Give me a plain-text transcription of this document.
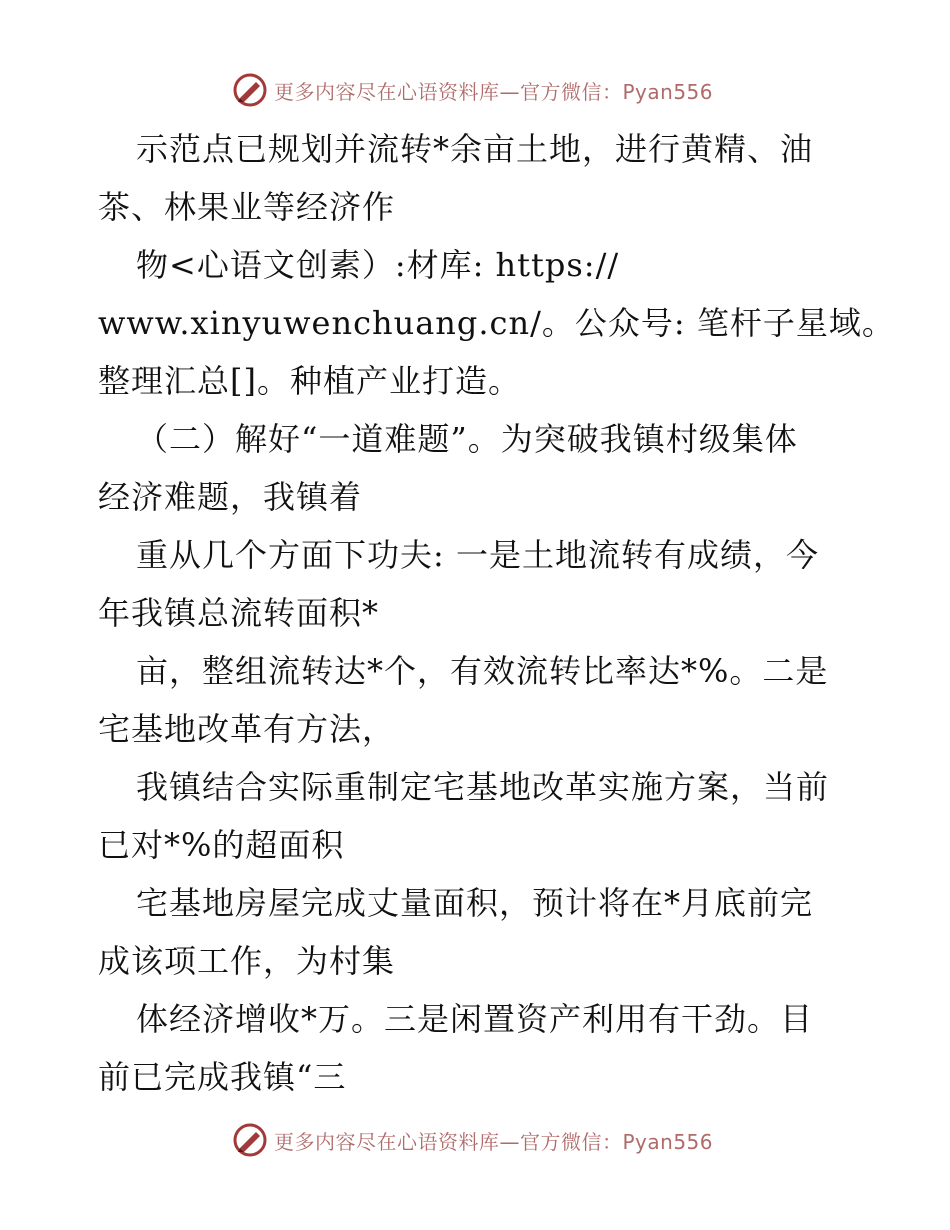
更多内容尽在心语资料库—官方微信：Pyan556
示范点已规划并流转*余亩土地，进行黄精、油
茶、林果业等经济作
物<心语文创素）:材库: https://
www.xinyuwenchuang.cn/。公众号: 笔杆子星域。
整理汇总[]。种植产业打造。
（二）解好“一道难题”。为突破我镇村级集体
经济难题，我镇着
重从几个方面下功夫: 一是土地流转有成绩，今
年我镇总流转面积*
亩，整组流转达*个，有效流转比率达*%。二是
宅基地改革有方法，
我镇结合实际重制定宅基地改革实施方案，当前
已对*%的超面积
宅基地房屋完成丈量面积，预计将在*月底前完
成该项工作，为村集
体经济增收*万。三是闲置资产利用有干劲。目
前已完成我镇“三
更多内容尽在心语资料库—官方微信：Pyan556
